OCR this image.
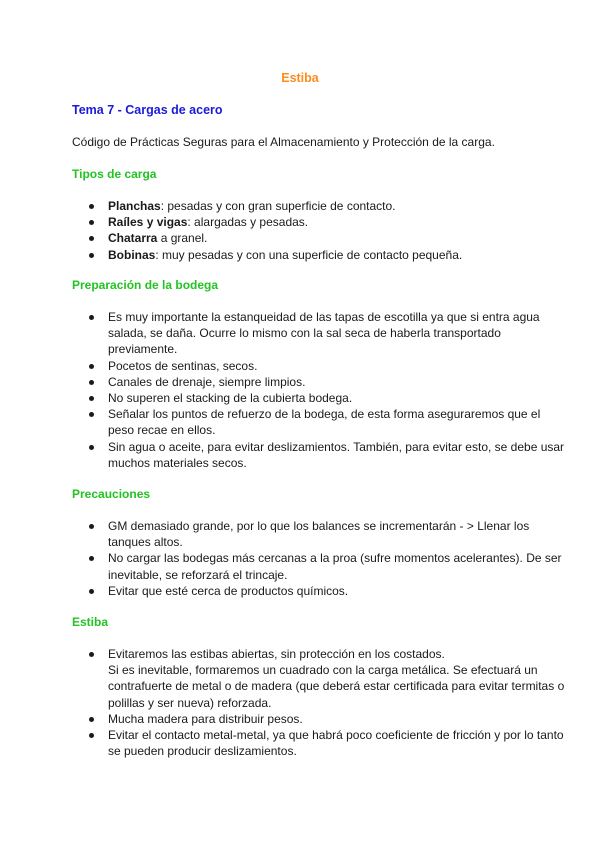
Estiba
Tema 7 - Cargas de acero
Código de Prácticas Seguras para el Almacenamiento y Protección de la carga.
Tipos de carga
Planchas: pesadas y con gran superficie de contacto.
Raíles y vigas: alargadas y pesadas.
Chatarra a granel.
Bobinas: muy pesadas y con una superficie de contacto pequeña.
Preparación de la bodega
Es muy importante la estanqueidad de las tapas de escotilla ya que si entra agua salada, se daña. Ocurre lo mismo con la sal seca de haberla transportado previamente.
Pocetos de sentinas, secos.
Canales de drenaje, siempre limpios.
No superen el stacking de la cubierta bodega.
Señalar los puntos de refuerzo de la bodega, de esta forma aseguraremos que el peso recae en ellos.
Sin agua o aceite, para evitar deslizamientos. También, para evitar esto, se debe usar muchos materiales secos.
Precauciones
GM demasiado grande, por lo que los balances se incrementarán - > Llenar los tanques altos.
No cargar las bodegas más cercanas a la proa (sufre momentos acelerantes). De ser inevitable, se reforzará el trincaje.
Evitar que esté cerca de productos químicos.
Estiba
Evitaremos las estibas abiertas, sin protección en los costados.
Si es inevitable, formaremos un cuadrado con la carga metálica. Se efectuará un contrafuerte de metal o de madera (que deberá estar certificada para evitar termitas o polillas y ser nueva) reforzada.
Mucha madera para distribuir pesos.
Evitar el contacto metal-metal, ya que habrá poco coeficiente de fricción y por lo tanto se pueden producir deslizamientos.
